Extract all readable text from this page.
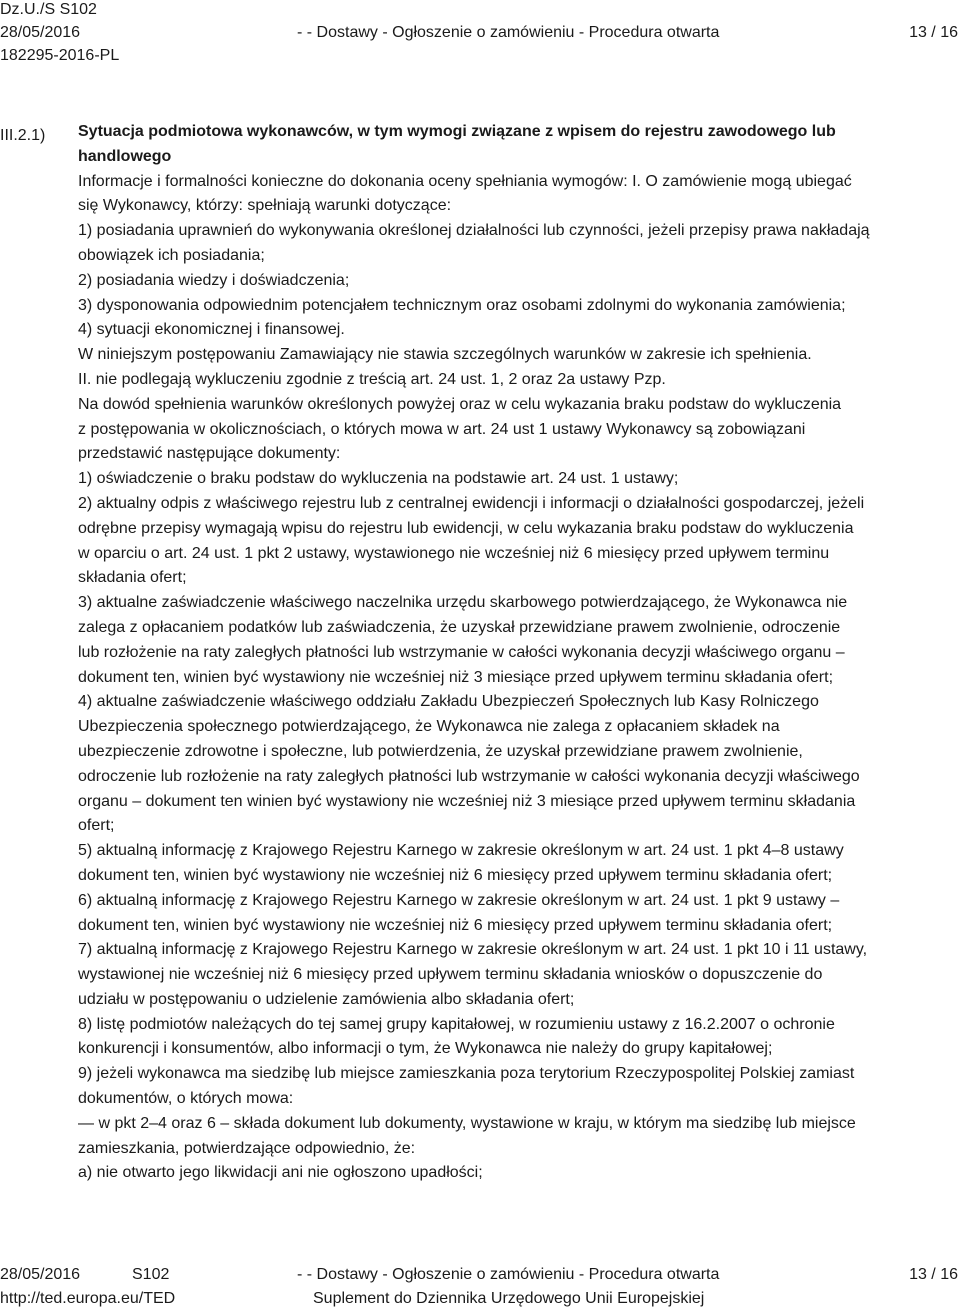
Dz.U./S S102
28/05/2016
182295-2016-PL
- - Dostawy - Ogłoszenie o zamówieniu - Procedura otwarta	13 / 16
III.2.1) Sytuacja podmiotowa wykonawców, w tym wymogi związane z wpisem do rejestru zawodowego lub
handlowego
Informacje i formalności konieczne do dokonania oceny spełniania wymogów: I. O zamówienie mogą ubiegać
się Wykonawcy, którzy: spełniają warunki dotyczące:
1) posiadania uprawnień do wykonywania określonej działalności lub czynności, jeżeli przepisy prawa nakładają
obowiązek ich posiadania;
2) posiadania wiedzy i doświadczenia;
3) dysponowania odpowiednim potencjałem technicznym oraz osobami zdolnymi do wykonania zamówienia;
4) sytuacji ekonomicznej i finansowej.
W niniejszym postępowaniu Zamawiający nie stawia szczególnych warunków w zakresie ich spełnienia.
II. nie podlegają wykluczeniu zgodnie z treścią art. 24 ust. 1, 2 oraz 2a ustawy Pzp.
Na dowód spełnienia warunków określonych powyżej oraz w celu wykazania braku podstaw do wykluczenia
z postępowania w okolicznościach, o których mowa w art. 24 ust 1 ustawy Wykonawcy są zobowiązani
przedstawić następujące dokumenty:
1) oświadczenie o braku podstaw do wykluczenia na podstawie art. 24 ust. 1 ustawy;
2) aktualny odpis z właściwego rejestru lub z centralnej ewidencji i informacji o działalności gospodarczej, jeżeli
odrębne przepisy wymagają wpisu do rejestru lub ewidencji, w celu wykazania braku podstaw do wykluczenia
w oparciu o art. 24 ust. 1 pkt 2 ustawy, wystawionego nie wcześniej niż 6 miesięcy przed upływem terminu
składania ofert;
3) aktualne zaświadczenie właściwego naczelnika urzędu skarbowego potwierdzającego, że Wykonawca nie
zalega z opłacaniem podatków lub zaświadczenia, że uzyskał przewidziane prawem zwolnienie, odroczenie
lub rozłożenie na raty zaległych płatności lub wstrzymanie w całości wykonania decyzji właściwego organu –
dokument ten, winien być wystawiony nie wcześniej niż 3 miesiące przed upływem terminu składania ofert;
4) aktualne zaświadczenie właściwego oddziału Zakładu Ubezpieczeń Społecznych lub Kasy Rolniczego
Ubezpieczenia społecznego potwierdzającego, że Wykonawca nie zalega z opłacaniem składek na
ubezpieczenie zdrowotne i społeczne, lub potwierdzenia, że uzyskał przewidziane prawem zwolnienie,
odroczenie lub rozłożenie na raty zaległych płatności lub wstrzymanie w całości wykonania decyzji właściwego
organu – dokument ten winien być wystawiony nie wcześniej niż 3 miesiące przed upływem terminu składania
ofert;
5) aktualną informację z Krajowego Rejestru Karnego w zakresie określonym w art. 24 ust. 1 pkt 4–8 ustawy
dokument ten, winien być wystawiony nie wcześniej niż 6 miesięcy przed upływem terminu składania ofert;
6) aktualną informację z Krajowego Rejestru Karnego w zakresie określonym w art. 24 ust. 1 pkt 9 ustawy –
dokument ten, winien być wystawiony nie wcześniej niż 6 miesięcy przed upływem terminu składania ofert;
7) aktualną informację z Krajowego Rejestru Karnego w zakresie określonym w art. 24 ust. 1 pkt 10 i 11 ustawy,
wystawionej nie wcześniej niż 6 miesięcy przed upływem terminu składania wniosków o dopuszczenie do
udziału w postępowaniu o udzielenie zamówienia albo składania ofert;
8) listę podmiotów należących do tej samej grupy kapitałowej, w rozumieniu ustawy z 16.2.2007 o ochronie
konkurencji i konsumentów, albo informacji o tym, że Wykonawca nie należy do grupy kapitałowej;
9) jeżeli wykonawca ma siedzibę lub miejsce zamieszkania poza terytorium Rzeczypospolitej Polskiej zamiast
dokumentów, o których mowa:
— w pkt 2–4 oraz 6 – składa dokument lub dokumenty, wystawione w kraju, w którym ma siedzibę lub miejsce
zamieszkania, potwierdzające odpowiednio, że:
a) nie otwarto jego likwidacji ani nie ogłoszono upadłości;
28/05/2016	S102
http://ted.europa.eu/TED
- - Dostawy - Ogłoszenie o zamówieniu - Procedura otwarta
Suplement do Dziennika Urzędowego Unii Europejskiej
13 / 16
